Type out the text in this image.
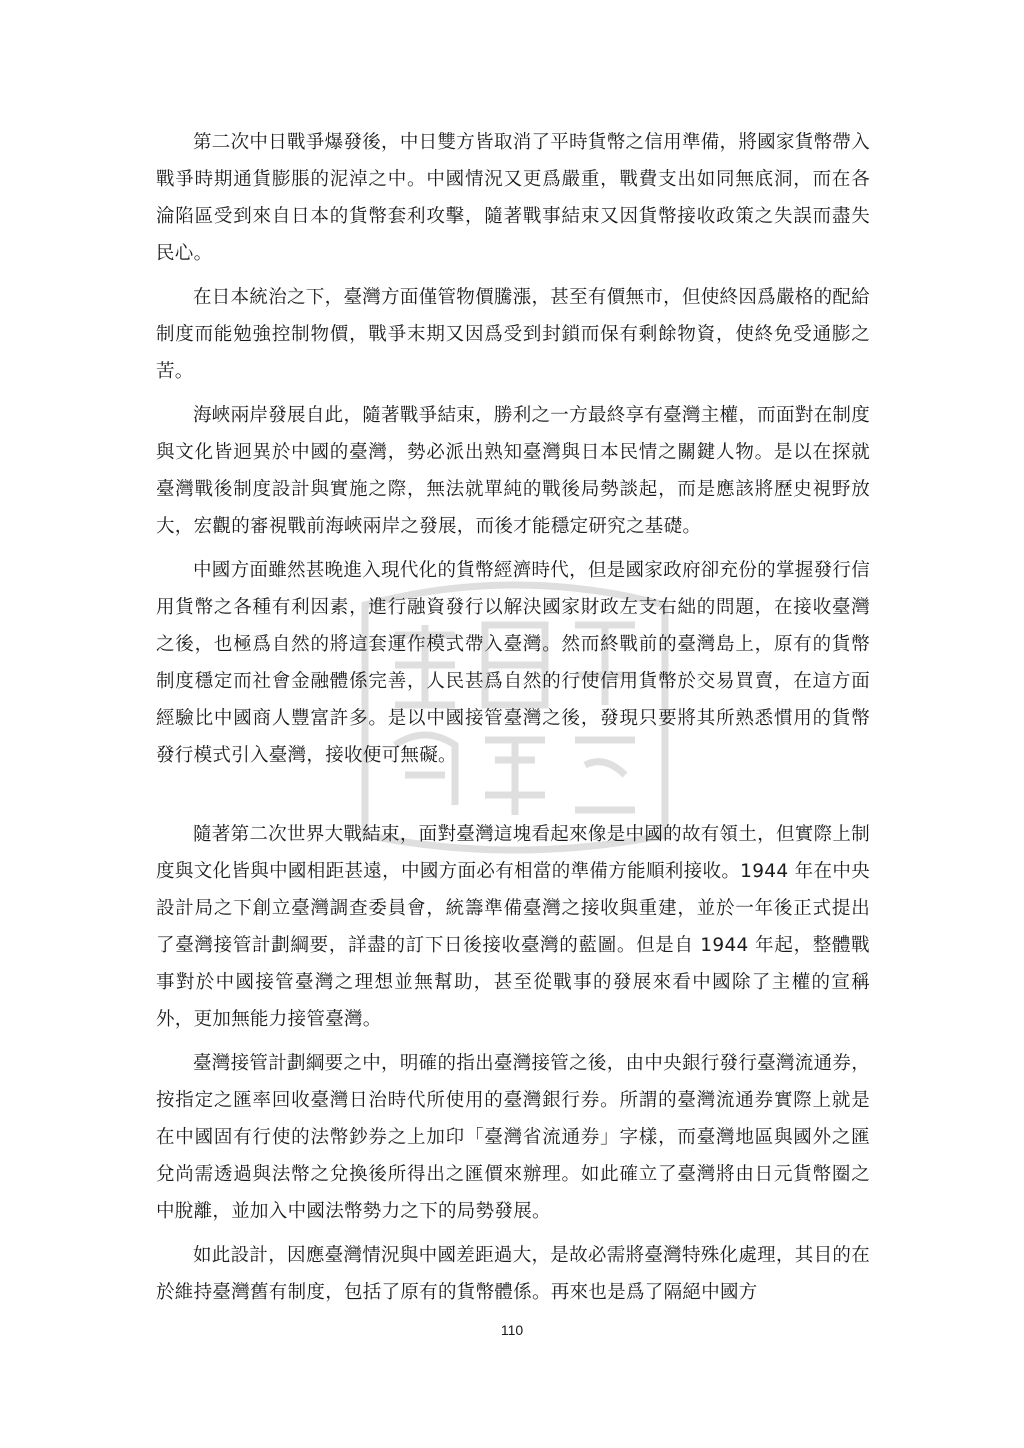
第二次中日戰爭爆發後，中日雙方皆取消了平時貨幣之信用準備，將國家貨幣帶入戰爭時期通貨膨脹的泥淖之中。中國情況又更爲嚴重，戰費支出如同無底洞，而在各淪陷區受到來自日本的貨幣套利攻擊，隨著戰事結束又因貨幣接收政策之失誤而盡失民心。

在日本統治之下，臺灣方面僅管物價騰漲，甚至有價無市，但使終因爲嚴格的配給制度而能勉強控制物價，戰爭末期又因爲受到封鎖而保有剩餘物資，使終免受通膨之苦。

海峽兩岸發展自此，隨著戰爭結束，勝利之一方最終享有臺灣主權，而面對在制度與文化皆迥異於中國的臺灣，勢必派出熟知臺灣與日本民情之關鍵人物。是以在探就臺灣戰後制度設計與實施之際，無法就單純的戰後局勢談起，而是應該將歷史視野放大，宏觀的審視戰前海峽兩岸之發展，而後才能穩定研究之基礎。

中國方面雖然甚晚進入現代化的貨幣經濟時代，但是國家政府卻充份的掌握發行信用貨幣之各種有利因素，進行融資發行以解決國家財政左支右絀的問題，在接收臺灣之後，也極爲自然的將這套運作模式帶入臺灣。然而終戰前的臺灣島上，原有的貨幣制度穩定而社會金融體係完善，人民甚爲自然的行使信用貨幣於交易買賣，在這方面經驗比中國商人豐富許多。是以中國接管臺灣之後，發現只要將其所熟悉慣用的貨幣發行模式引入臺灣，接收便可無礙。

隨著第二次世界大戰結束，面對臺灣這塊看起來像是中國的故有領土，但實際上制度與文化皆與中國相距甚遠，中國方面必有相當的準備方能順利接收。1944 年在中央設計局之下創立臺灣調查委員會，統籌準備臺灣之接收與重建，並於一年後正式提出了臺灣接管計劃綱要，詳盡的訂下日後接收臺灣的藍圖。但是自 1944 年起，整體戰事對於中國接管臺灣之理想並無幫助，甚至從戰事的發展來看中國除了主權的宣稱外，更加無能力接管臺灣。

臺灣接管計劃綱要之中，明確的指出臺灣接管之後，由中央銀行發行臺灣流通券，按指定之匯率回收臺灣日治時代所使用的臺灣銀行券。所謂的臺灣流通券實際上就是在中國固有行使的法幣鈔券之上加印「臺灣省流通券」字樣，而臺灣地區與國外之匯兌尚需透過與法幣之兌換後所得出之匯價來辦理。如此確立了臺灣將由日元貨幣圈之中脫離，並加入中國法幣勢力之下的局勢發展。

如此設計，因應臺灣情況與中國差距過大，是故必需將臺灣特殊化處理，其目的在於維持臺灣舊有制度，包括了原有的貨幣體係。再來也是爲了隔絕中國方

110
